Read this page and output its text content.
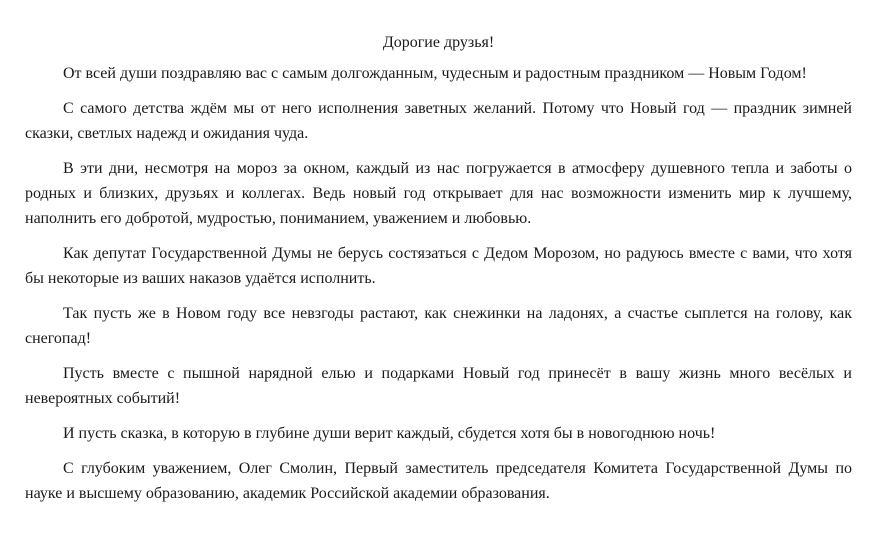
Дорогие друзья!

От всей души поздравляю вас с самым долгожданным, чудесным и радостным праздником — Новым Годом!

С самого детства ждём мы от него исполнения заветных желаний. Потому что Новый год — праздник зимней сказки, светлых надежд и ожидания чуда.

В эти дни, несмотря на мороз за окном, каждый из нас погружается в атмосферу душевного тепла и заботы о родных и близких, друзьях и коллегах. Ведь новый год открывает для нас возможности изменить мир к лучшему, наполнить его добротой, мудростью, пониманием, уважением и любовью.

Как депутат Государственной Думы не берусь состязаться с Дедом Морозом, но радуюсь вместе с вами, что хотя бы некоторые из ваших наказов удаётся исполнить.

Так пусть же в Новом году все невзгоды растают, как снежинки на ладонях, а счастье сыплется на голову, как снегопад!

Пусть вместе с пышной нарядной елью и подарками Новый год принесёт в вашу жизнь много весёлых и невероятных событий!

И пусть сказка, в которую в глубине души верит каждый, сбудется хотя бы в новогоднюю ночь!

С глубоким уважением, Олег Смолин, Первый заместитель председателя Комитета Государственной Думы по науке и высшему образованию, академик Российской академии образования.
